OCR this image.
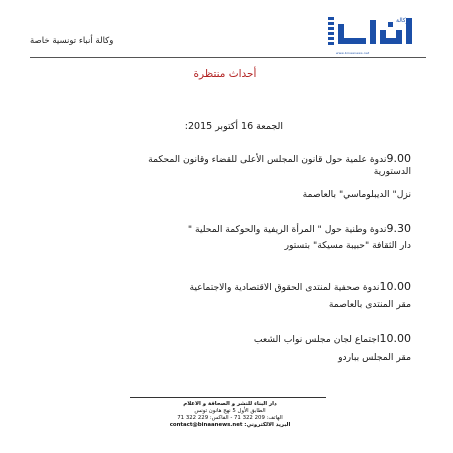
وكالة
www.binaanews.net
وكالة أنباء تونسية خاصة
أحداث منتظرة
الجمعة 16 أكتوبر 2015:
9.00ندوة علمية حول قانون المجلس الأعلى للقضاء وقانون المحكمة
الدستورية
نزل" الديبلوماسي" بالعاصمة
9.30ندوة وطنية حول " المرأة الريفية والحوكمة المحلية "
دار الثقافة "حبيبة مسيكة" بتستور
10.00ندوة صحفية لمنتدى الحقوق الاقتصادية والاجتماعية
مقر المنتدى بالعاصمة
10.00اجتماع لجان مجلس نواب الشعب
مقر المجلس بباردو
دار البناء للنشر و الصحافة و الاعلام
الطابق الأول 5 نهج هانون تونس
الهاتف: 209 322 71 - الفاكس: 229 322 71
البريد الالكتروني: contact@binaanews.net
